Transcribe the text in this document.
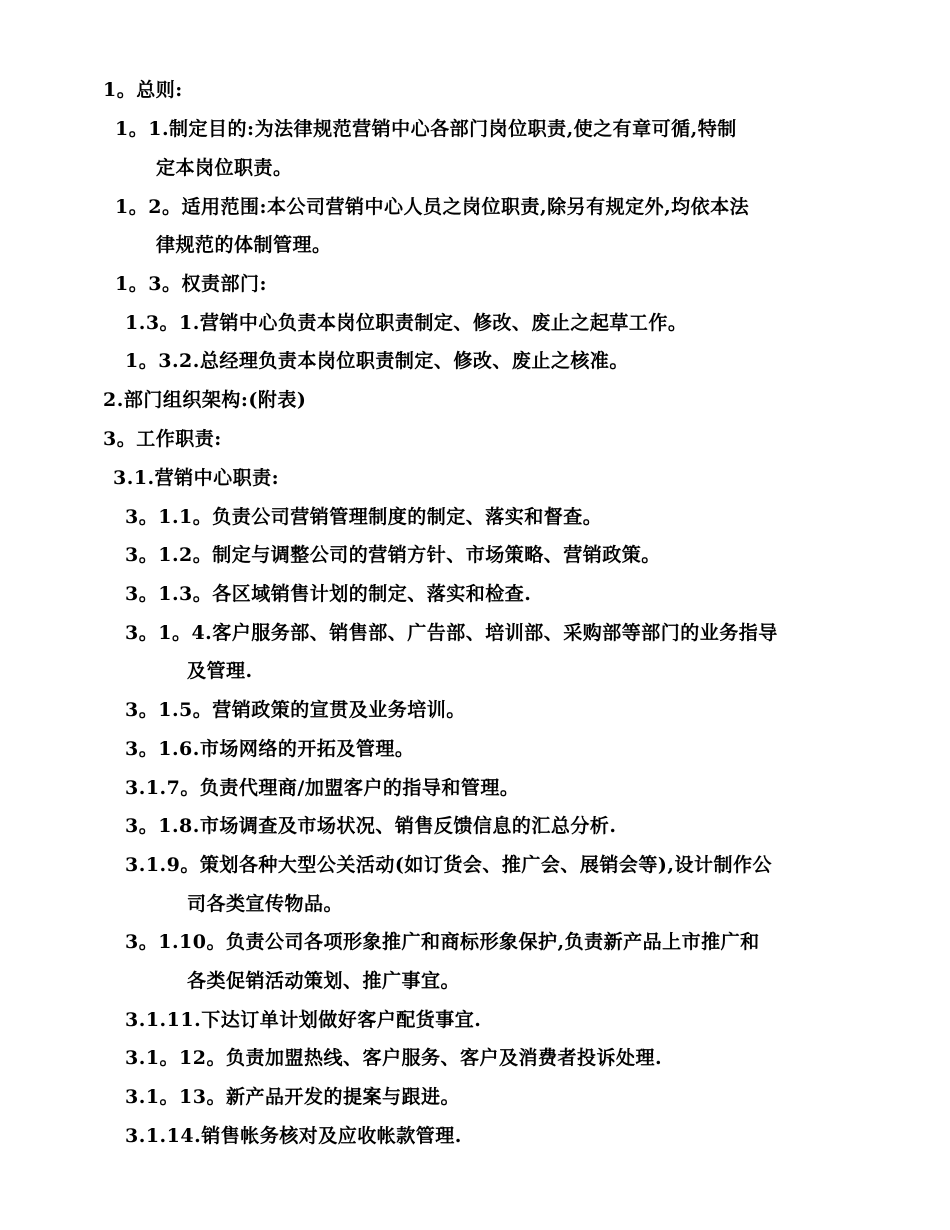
1。总则:
1。1.制定目的:为法律规范营销中心各部门岗位职责,使之有章可循,特制
定本岗位职责。
1。2。适用范围:本公司营销中心人员之岗位职责,除另有规定外,均依本法
律规范的体制管理。
1。3。权责部门:
1.3。1.营销中心负责本岗位职责制定、修改、废止之起草工作。
1。3.2.总经理负责本岗位职责制定、修改、废止之核准。
2.部门组织架构:(附表)
3。工作职责:
3.1.营销中心职责:
3。1.1。负责公司营销管理制度的制定、落实和督查。
3。1.2。制定与调整公司的营销方针、市场策略、营销政策。
3。1.3。各区域销售计划的制定、落实和检查.
3。1。4.客户服务部、销售部、广告部、培训部、采购部等部门的业务指导
及管理.
3。1.5。营销政策的宣贯及业务培训。
3。1.6.市场网络的开拓及管理。
3.1.7。负责代理商/加盟客户的指导和管理。
3。1.8.市场调查及市场状况、销售反馈信息的汇总分析.
3.1.9。策划各种大型公关活动(如订货会、推广会、展销会等),设计制作公
司各类宣传物品。
3。1.10。负责公司各项形象推广和商标形象保护,负责新产品上市推广和
各类促销活动策划、推广事宜。
3.1.11.下达订单计划做好客户配货事宜.
3.1。12。负责加盟热线、客户服务、客户及消费者投诉处理.
3.1。13。新产品开发的提案与跟进。
3.1.14.销售帐务核对及应收帐款管理.
